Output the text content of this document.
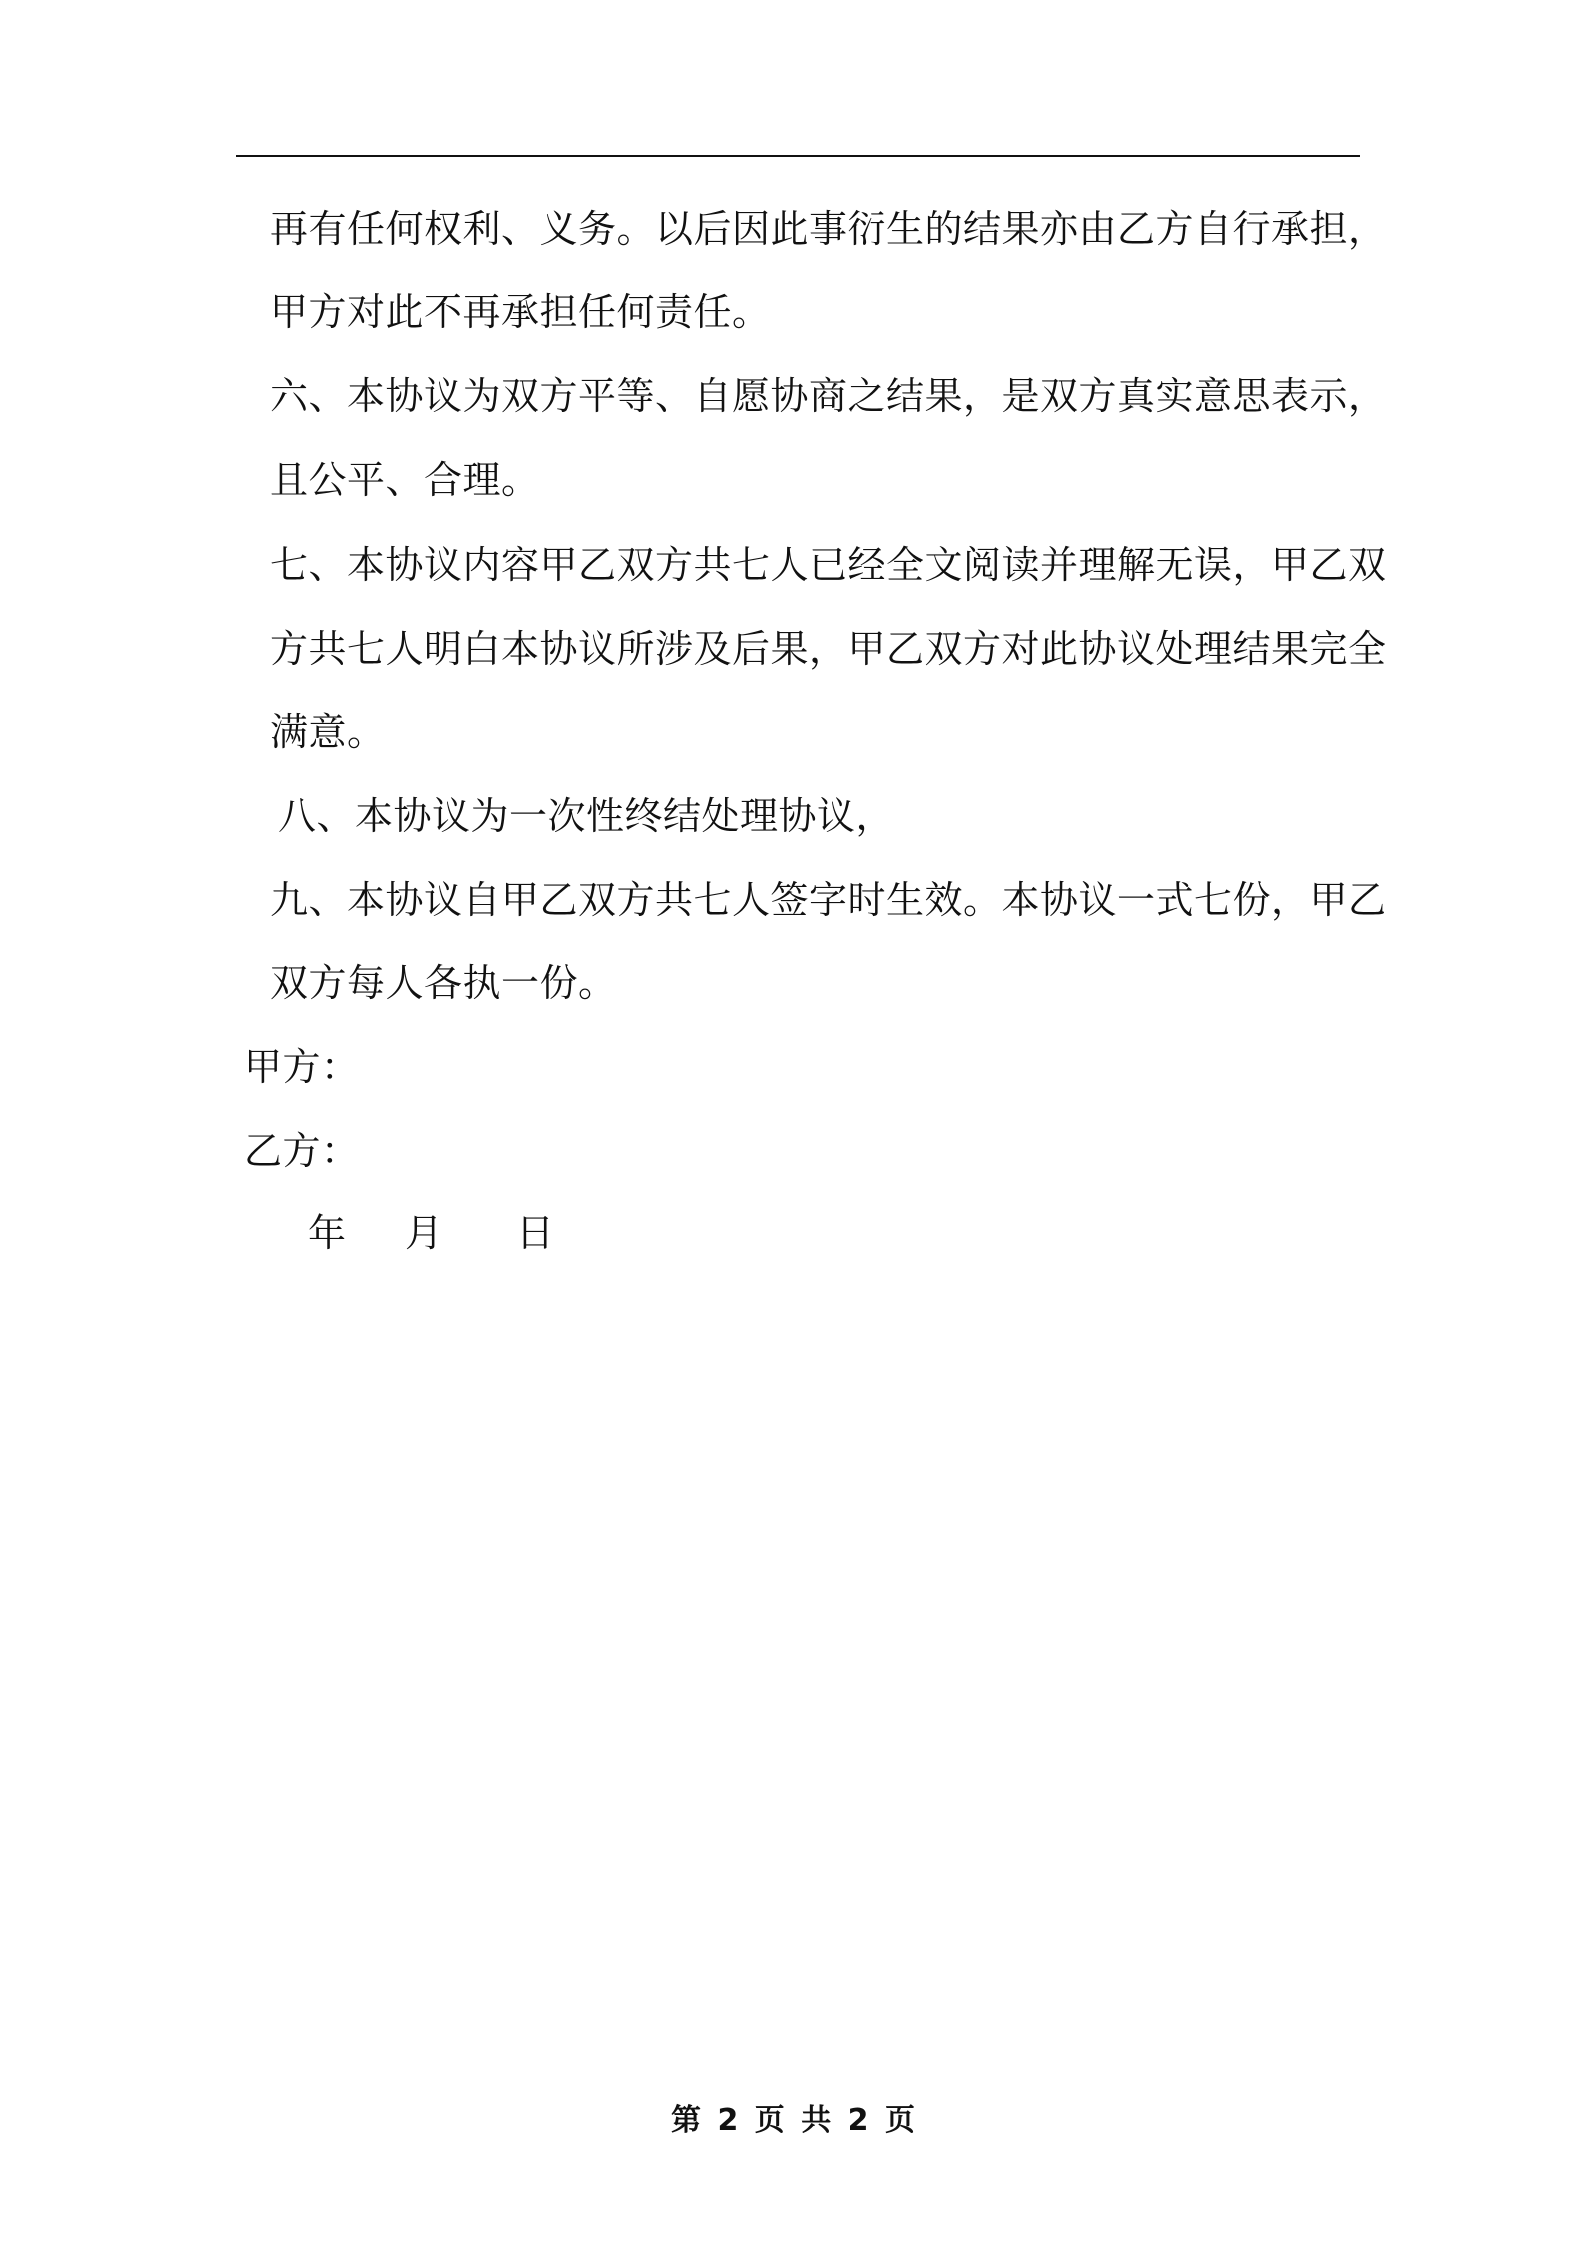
再有任何权利、义务。以后因此事衍生的结果亦由乙方自行承担，
甲方对此不再承担任何责任。
六、本协议为双方平等、自愿协商之结果，是双方真实意思表示，
且公平、合理。
七、本协议内容甲乙双方共七人已经全文阅读并理解无误，甲乙双
方共七人明白本协议所涉及后果，甲乙双方对此协议处理结果完全
满意。
八、本协议为一次性终结处理协议，
九、本协议自甲乙双方共七人签字时生效。本协议一式七份，甲乙
双方每人各执一份。
甲方：
乙方：
年 月 日
第 2 页 共 2 页
